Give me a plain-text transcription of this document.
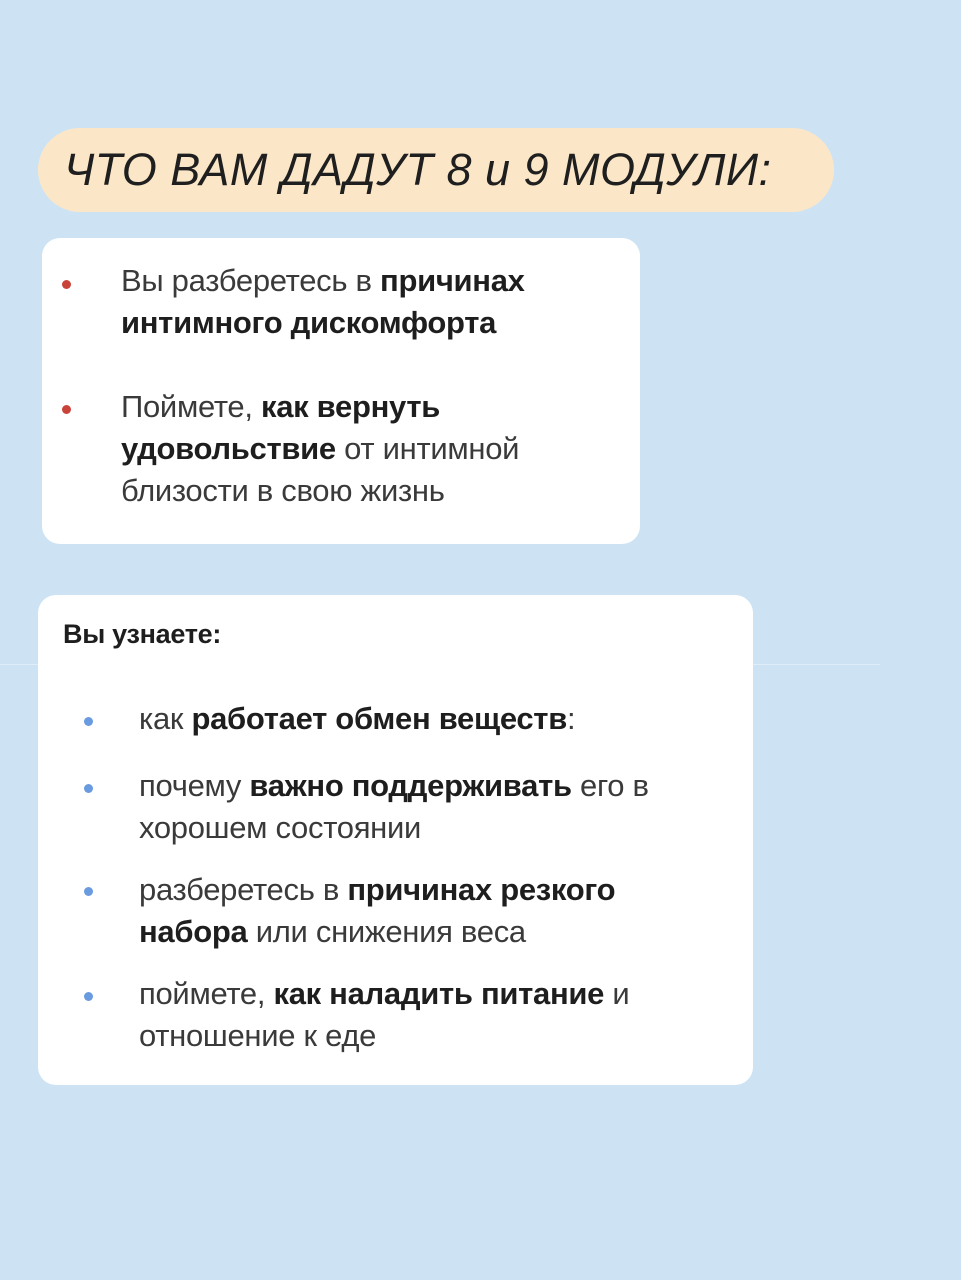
ЧТО ВАМ ДАДУТ 8 и 9 МОДУЛИ:
Вы разберетесь в причинах
интимного дискомфорта
Поймете, как вернуть
удовольствие от интимной
близости в свою жизнь
Вы узнаете:
как работает обмен веществ:
почему важно поддерживать его в
хорошем состоянии
разберетесь в причинах резкого
набора или снижения веса
поймете, как наладить питание и
отношение к еде
